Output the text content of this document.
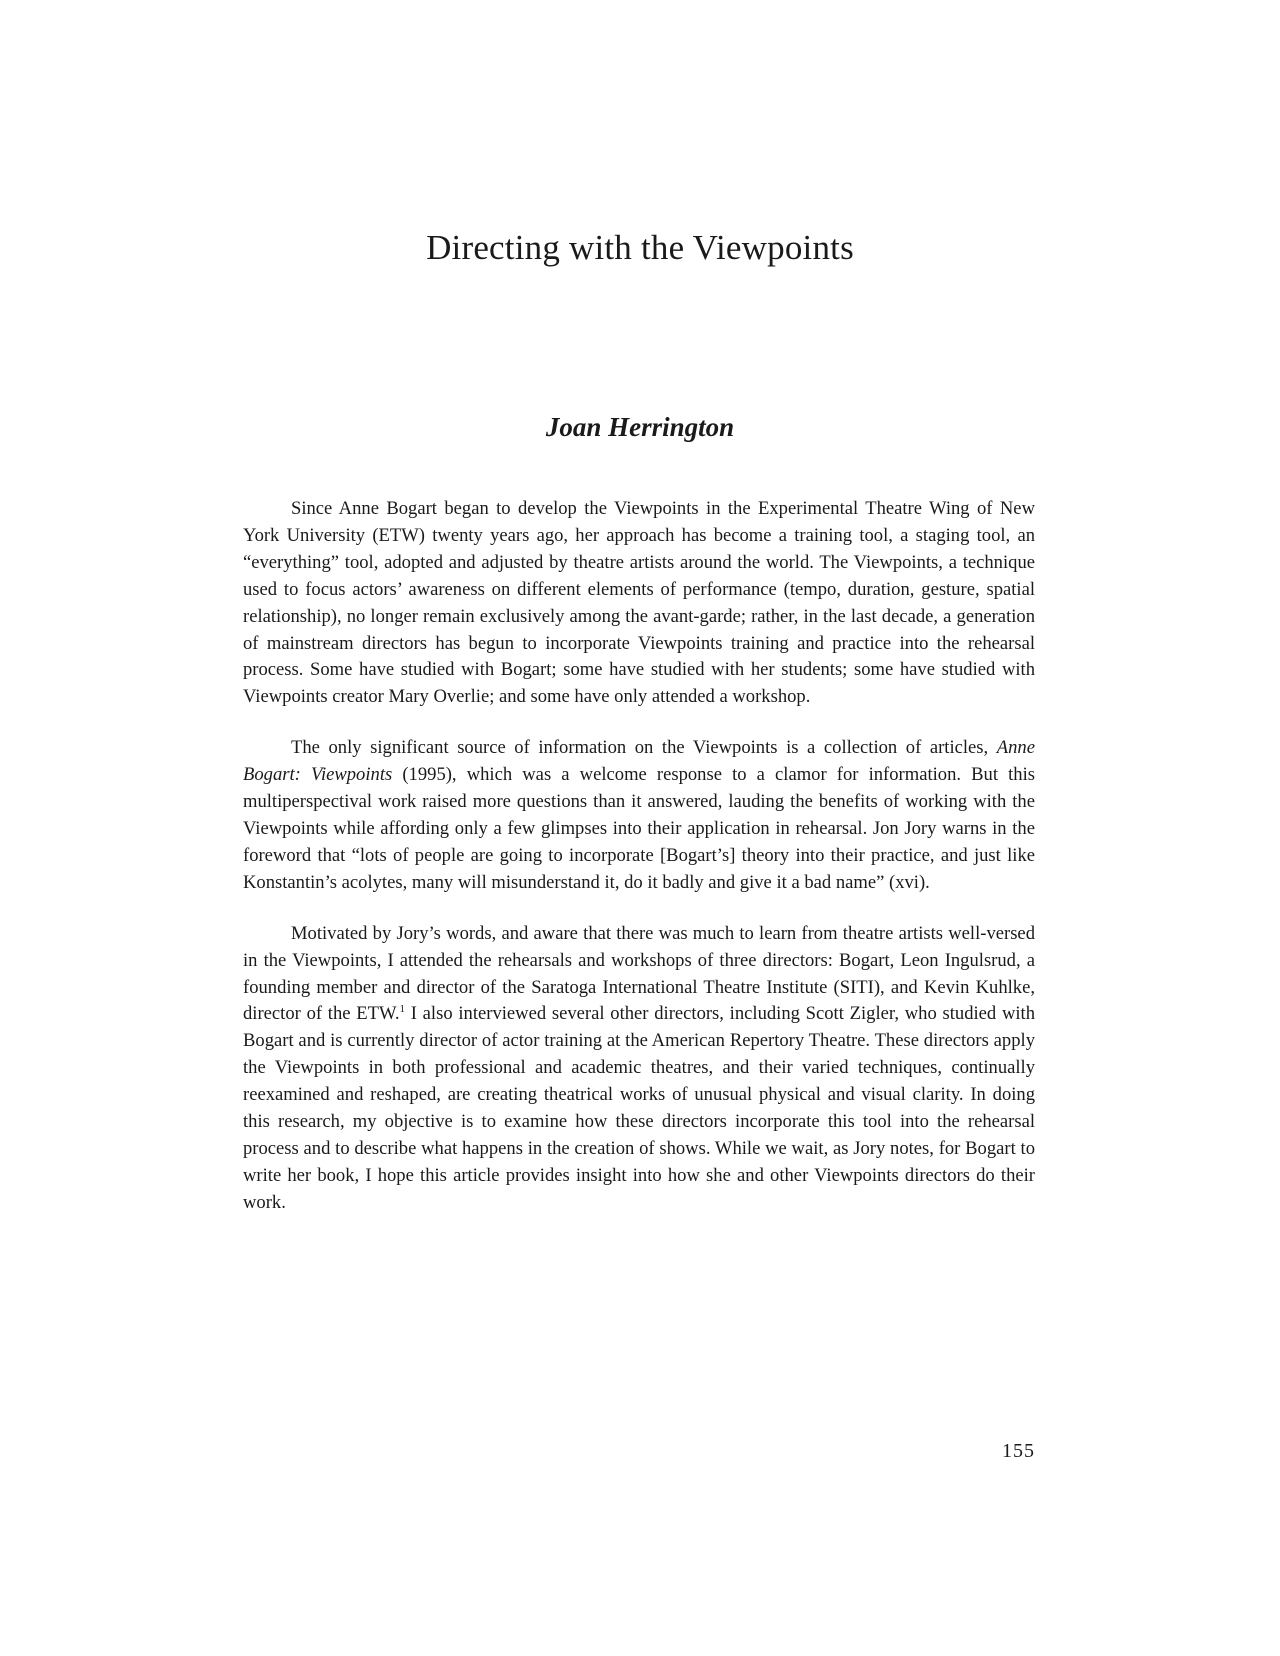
Directing with the Viewpoints
Joan Herrington

Since Anne Bogart began to develop the Viewpoints in the Experimental Theatre Wing of New York University (ETW) twenty years ago, her approach has become a training tool, a staging tool, an “everything” tool, adopted and adjusted by theatre artists around the world. The Viewpoints, a technique used to focus actors’ awareness on different elements of performance (tempo, duration, gesture, spatial relationship), no longer remain exclusively among the avant-garde; rather, in the last decade, a generation of mainstream directors has begun to incorporate Viewpoints training and practice into the rehearsal process. Some have studied with Bogart; some have studied with her students; some have studied with Viewpoints creator Mary Overlie; and some have only attended a workshop.

The only significant source of information on the Viewpoints is a collection of articles, Anne Bogart: Viewpoints (1995), which was a welcome response to a clamor for information. But this multiperspectival work raised more questions than it answered, lauding the benefits of working with the Viewpoints while affording only a few glimpses into their application in rehearsal. Jon Jory warns in the foreword that “lots of people are going to incorporate [Bogart’s] theory into their practice, and just like Konstantin’s acolytes, many will misunderstand it, do it badly and give it a bad name” (xvi).

Motivated by Jory’s words, and aware that there was much to learn from theatre artists well-versed in the Viewpoints, I attended the rehearsals and workshops of three directors: Bogart, Leon Ingulsrud, a founding member and director of the Saratoga International Theatre Institute (SITI), and Kevin Kuhlke, director of the ETW.$^1$ I also interviewed several other directors, including Scott Zigler, who studied with Bogart and is currently director of actor training at the American Repertory Theatre. These directors apply the Viewpoints in both professional and academic theatres, and their varied techniques, continually reexamined and reshaped, are creating theatrical works of unusual physical and visual clarity. In doing this research, my objective is to examine how these directors incorporate this tool into the rehearsal process and to describe what happens in the creation of shows. While we wait, as Jory notes, for Bogart to write her book, I hope this article provides insight into how she and other Viewpoints directors do their work.

155
